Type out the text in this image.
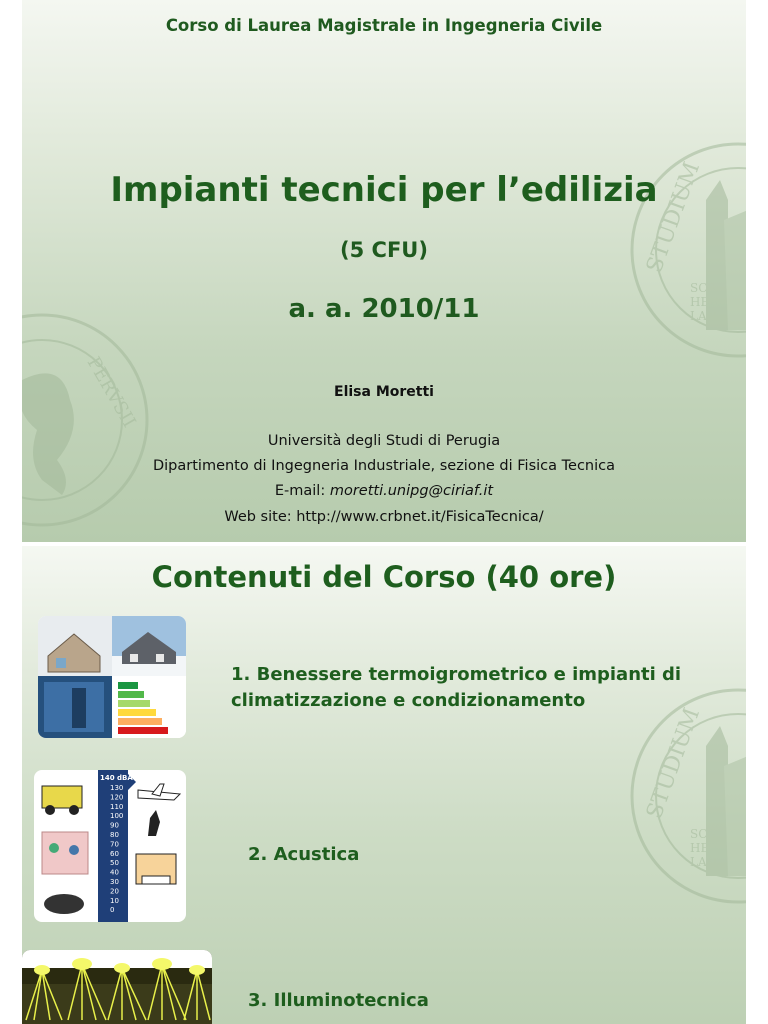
STUDIUM
SCS
HER
LAN
PERVSII
Corso di Laurea Magistrale in Ingegneria Civile
Impianti tecnici per l’edilizia
(5 CFU)
a. a. 2010/11
Elisa Moretti
Università degli Studi di Perugia
Dipartimento di Ingegneria Industriale, sezione di Fisica Tecnica
E-mail: moretti.unipg@ciriaf.it
Web site: http://www.crbnet.it/FisicaTecnica/
STUDIUM
SCS
HER
LAN
Contenuti del Corso (40 ore)
1. Benessere termoigrometrico e impianti di climatizzazione e condizionamento
140 dBA
130
120
110
100
90
80
70
60
50
40
30
20
10
0
2. Acustica
3. Illuminotecnica
